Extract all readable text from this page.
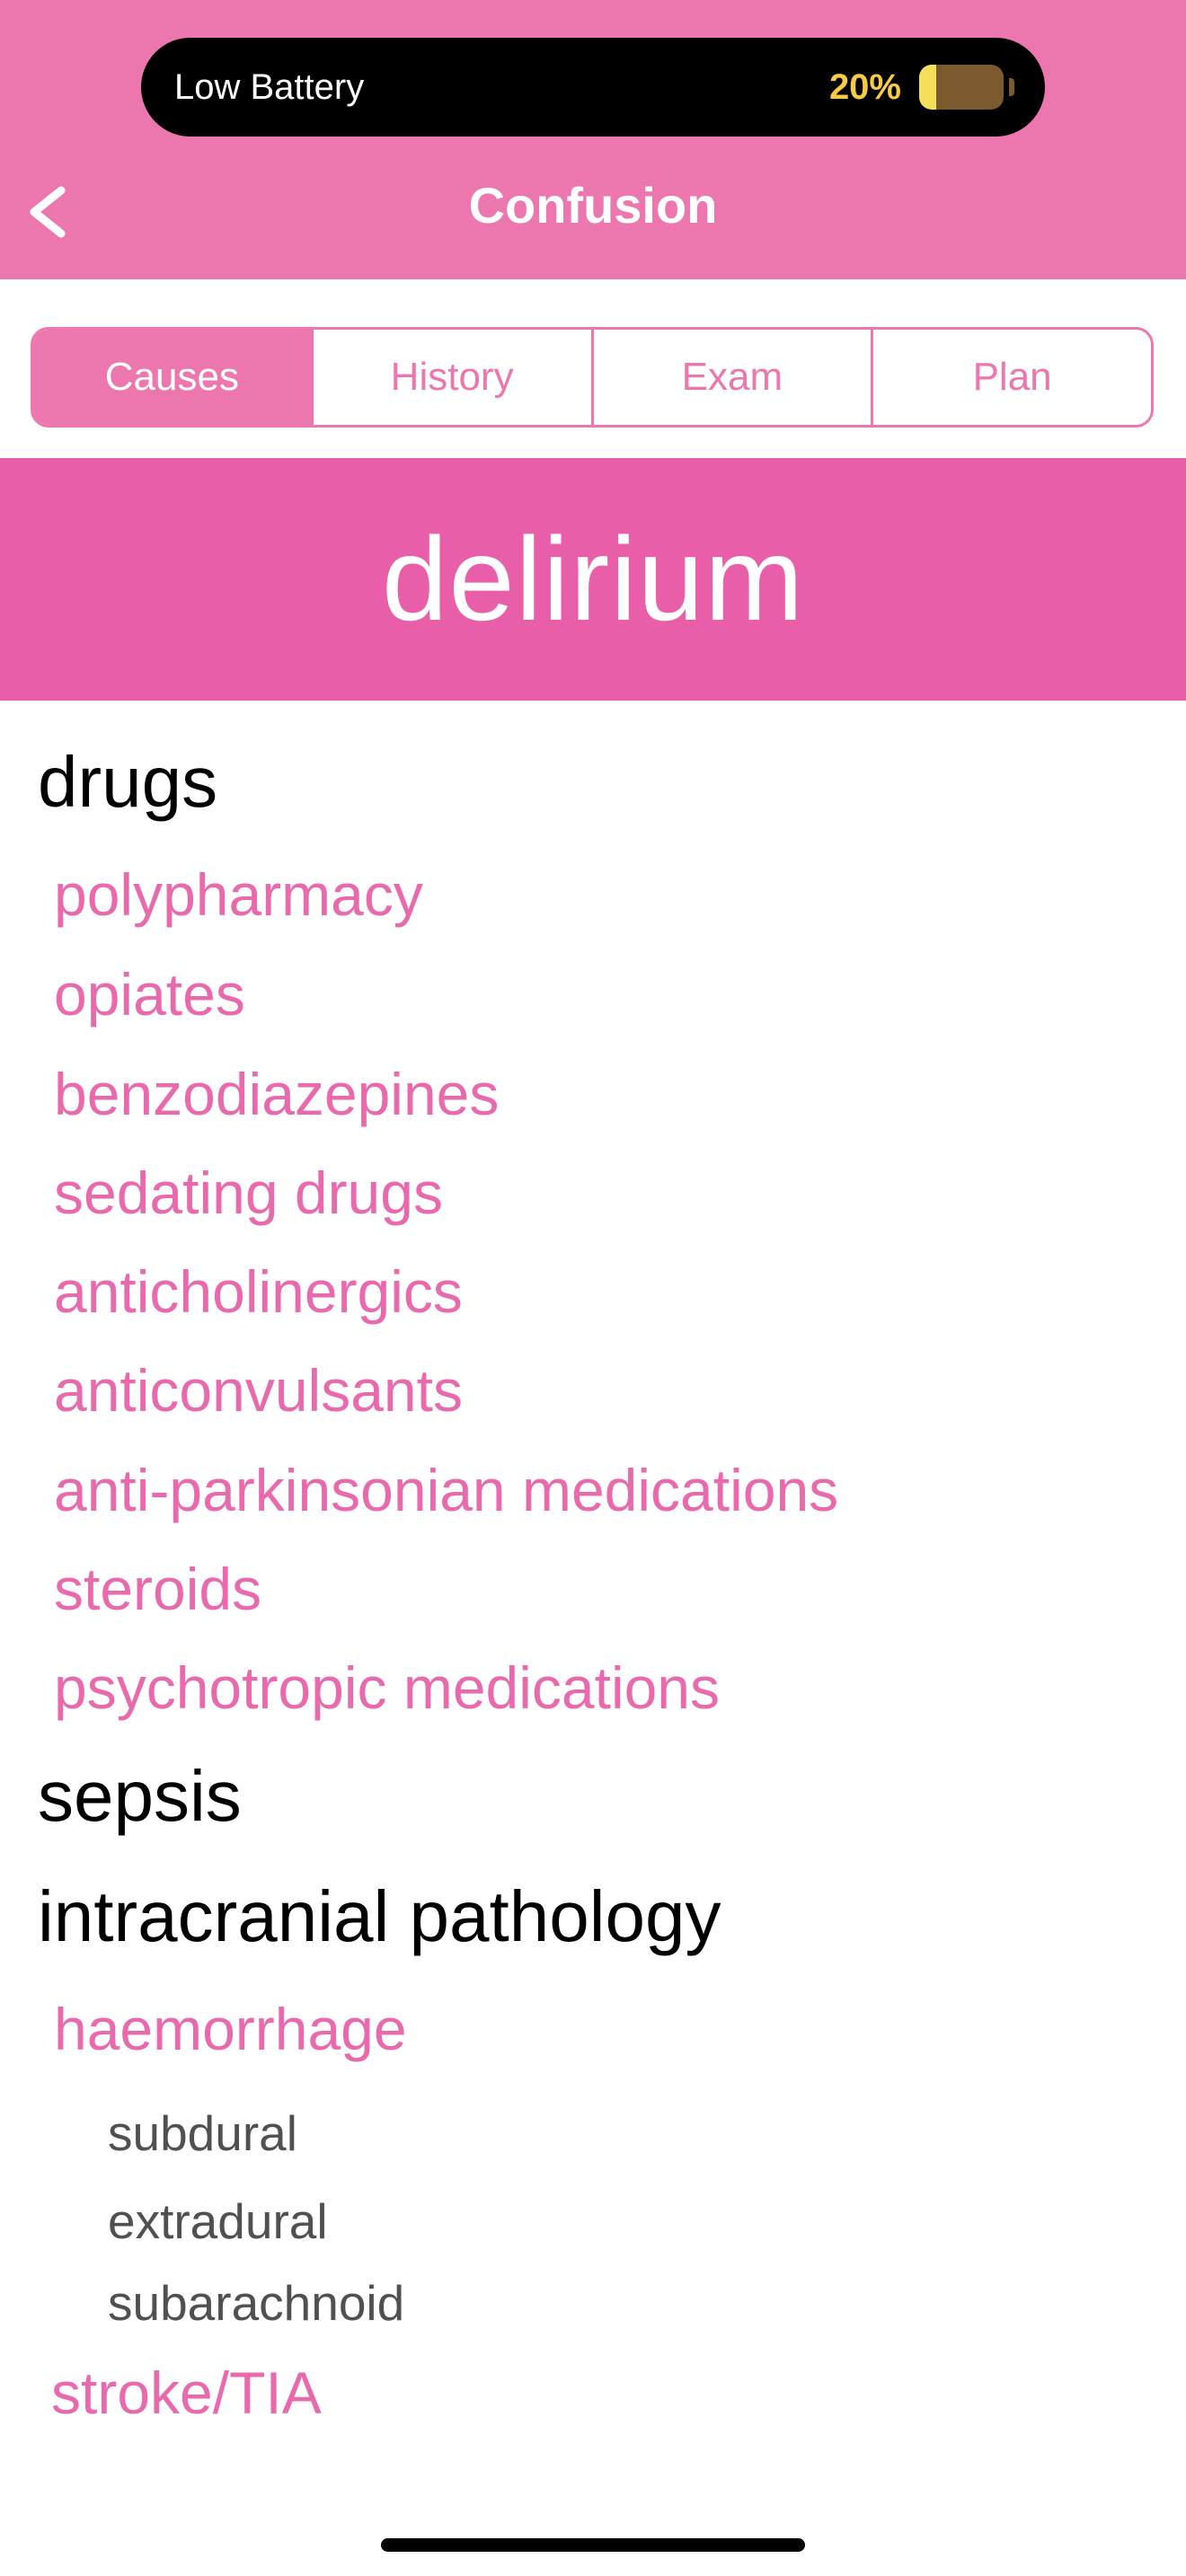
Low Battery	20%
Confusion
Causes	History	Exam	Plan
delirium
drugs
polypharmacy
opiates
benzodiazepines
sedating drugs
anticholinergics
anticonvulsants
anti-parkinsonian medications
steroids
psychotropic medications
sepsis
intracranial pathology
haemorrhage
subdural
extradural
subarachnoid
stroke/TIA
